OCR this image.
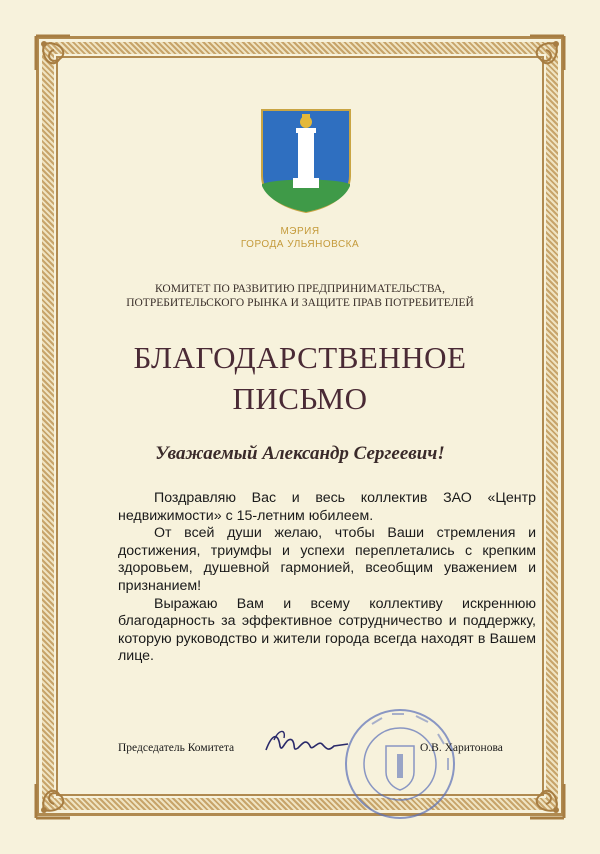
МЭРИЯ
ГОРОДА УЛЬЯНОВСКА
КОМИТЕТ ПО РАЗВИТИЮ ПРЕДПРИНИМАТЕЛЬСТВА,
ПОТРЕБИТЕЛЬСКОГО РЫНКА И ЗАЩИТЕ ПРАВ ПОТРЕБИТЕЛЕЙ
БЛАГОДАРСТВЕННОЕ
ПИСЬМО
Уважаемый Александр Сергеевич!

Поздравляю Вас и весь коллектив ЗАО «Центр недвижимости» с 15-летним юбилеем.

От всей души желаю, чтобы Ваши стремления и достижения, триумфы и успехи переплетались с крепким здоровьем, душевной гармонией, всеобщим уважением и признанием!

Выражаю Вам и всему коллективу искреннюю благодарность за эффективное сотрудничество и поддержку, которую руководство и жители города всегда находят в Вашем лице.

Председатель Комитета	О.В. Харитонова
